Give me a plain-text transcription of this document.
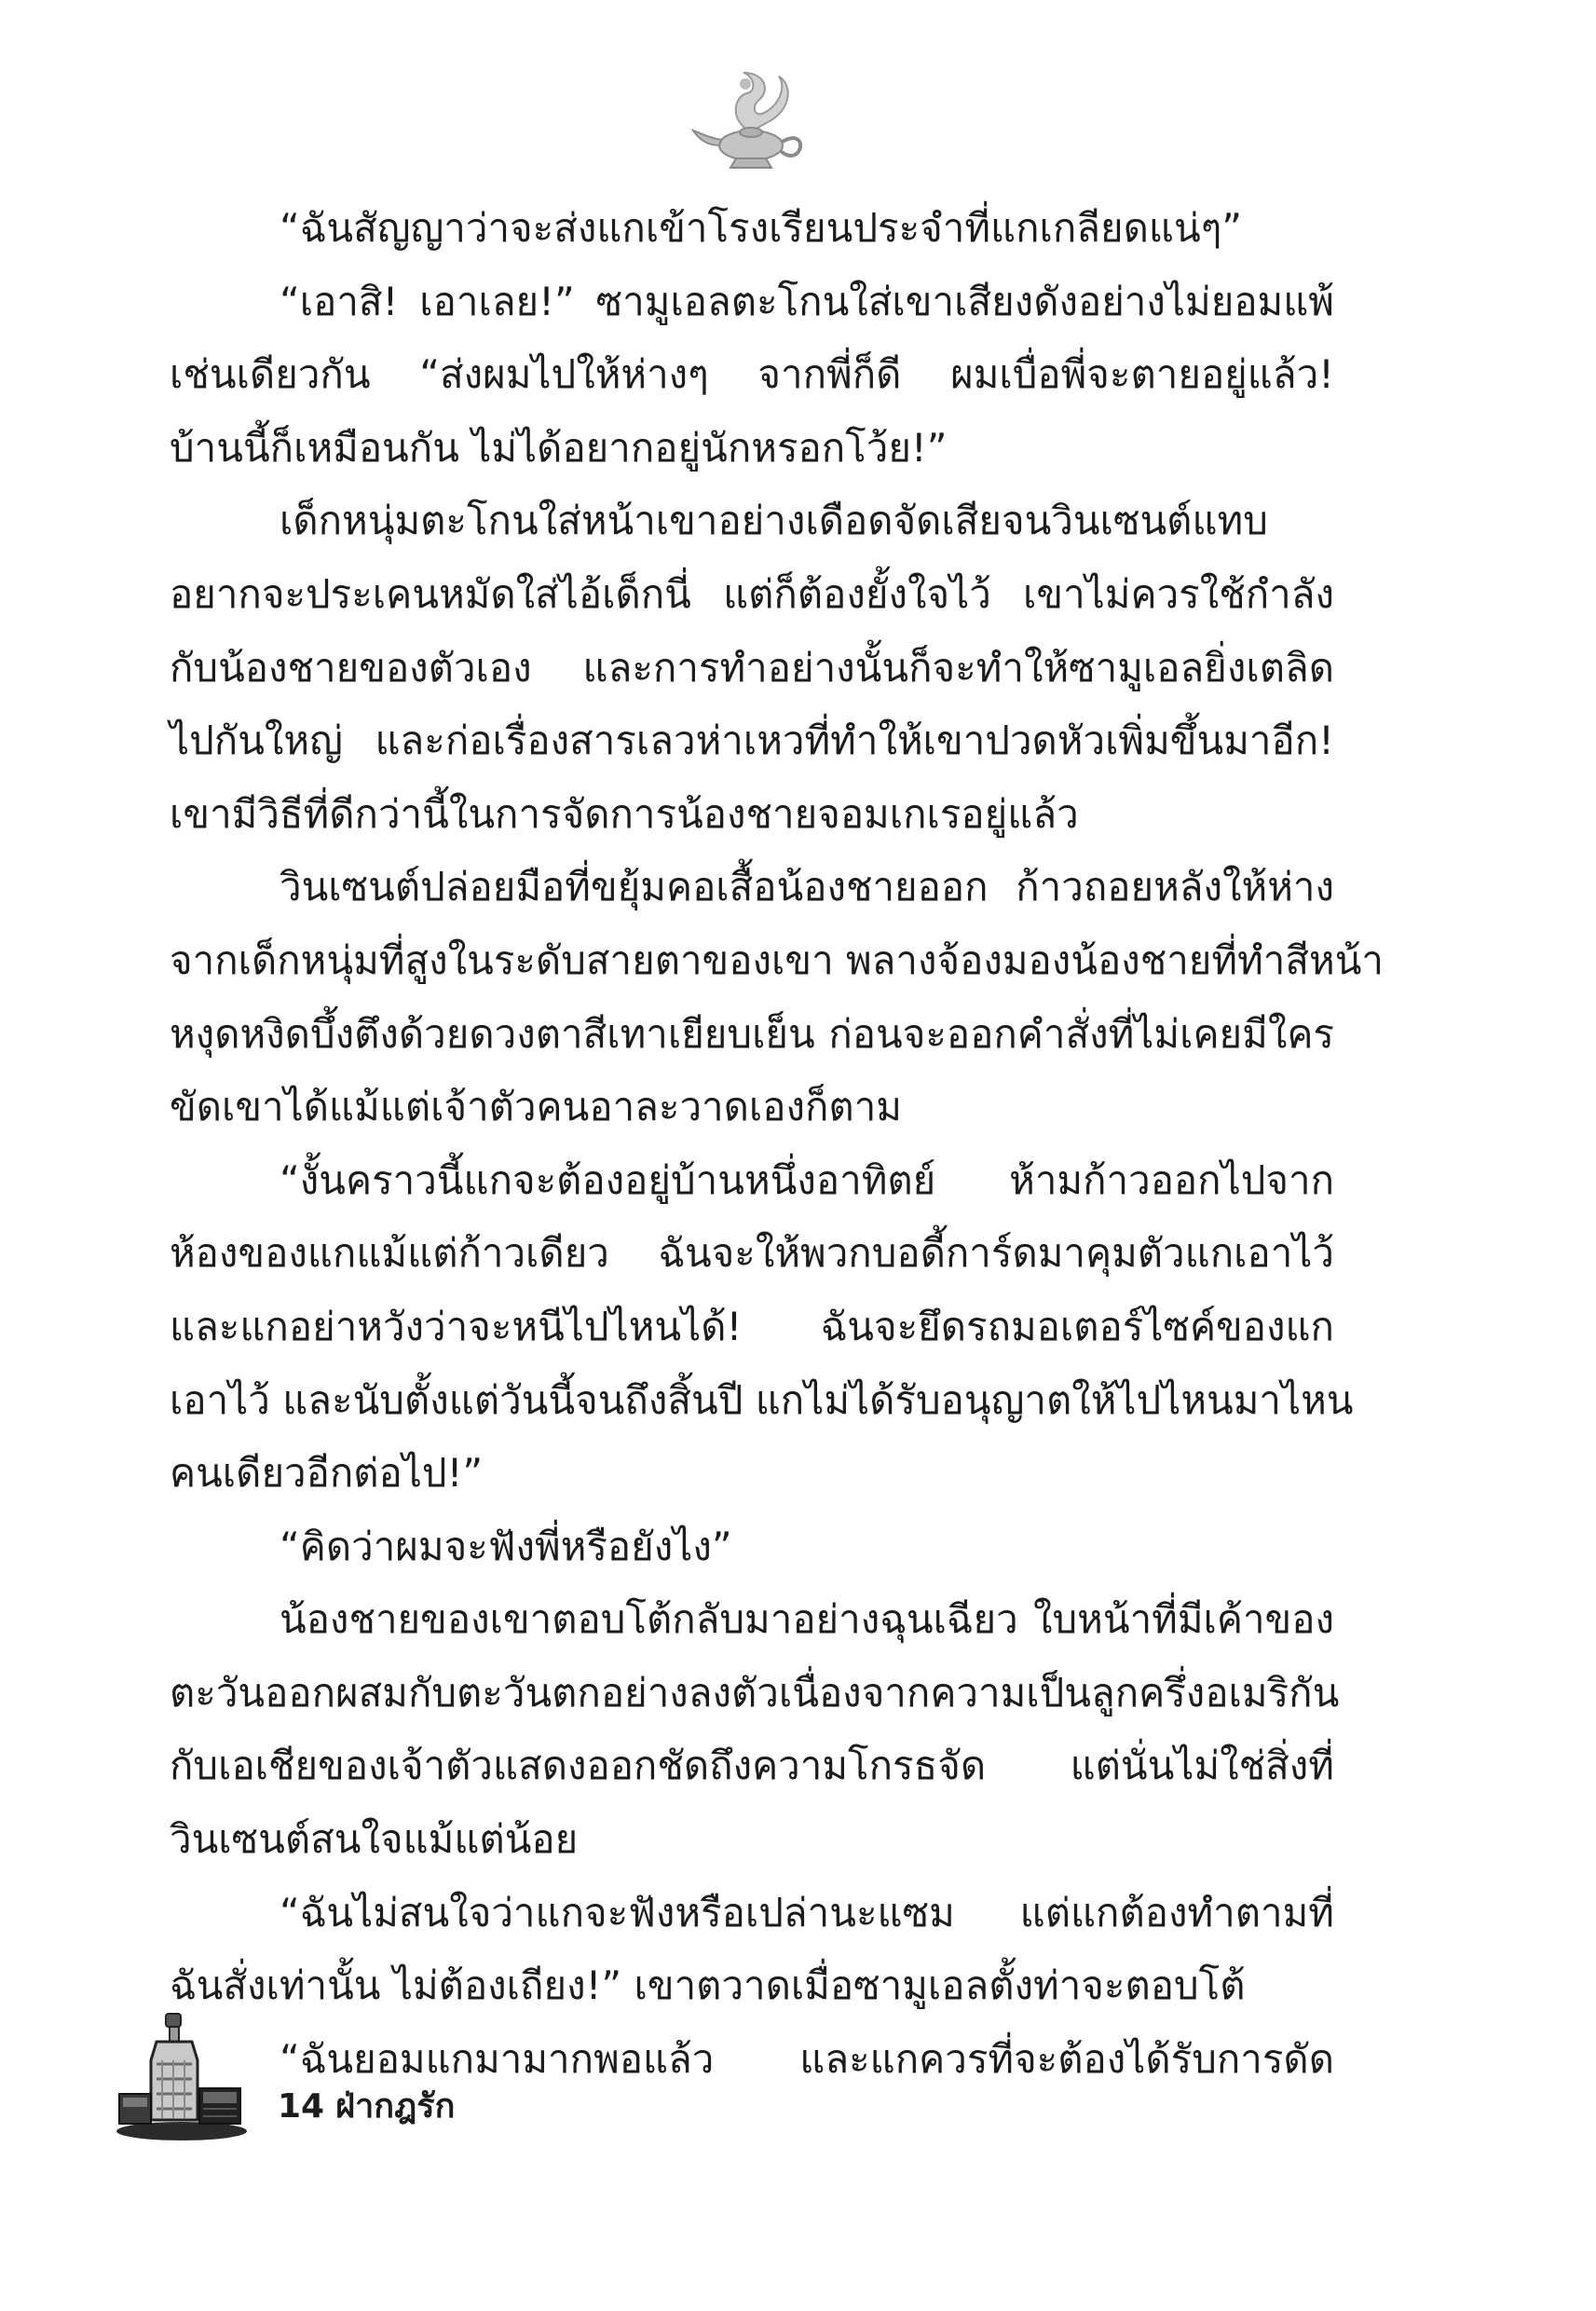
“ฉันสัญญาว่าจะส่งแกเข้าโรงเรียนประจำที่แกเกลียดแน่ๆ”
“เอาสิ! เอาเลย!” ซามูเอลตะโกนใส่เขาเสียงดังอย่างไม่ยอมแพ้
เช่นเดียวกัน “ส่งผมไปให้ห่างๆ จากพี่ก็ดี ผมเบื่อพี่จะตายอยู่แล้ว!
บ้านนี้ก็เหมือนกัน ไม่ได้อยากอยู่นักหรอกโว้ย!”
เด็กหนุ่มตะโกนใส่หน้าเขาอย่างเดือดจัดเสียจนวินเซนต์แทบ
อยากจะประเคนหมัดใส่ไอ้เด็กนี่ แต่ก็ต้องยั้งใจไว้ เขาไม่ควรใช้กำลัง
กับน้องชายของตัวเอง และการทำอย่างนั้นก็จะทำให้ซามูเอลยิ่งเตลิด
ไปกันใหญ่ และก่อเรื่องสารเลวห่าเหวที่ทำให้เขาปวดหัวเพิ่มขึ้นมาอีก!
เขามีวิธีที่ดีกว่านี้ในการจัดการน้องชายจอมเกเรอยู่แล้ว
วินเซนต์ปล่อยมือที่ขยุ้มคอเสื้อน้องชายออก ก้าวถอยหลังให้ห่าง
จากเด็กหนุ่มที่สูงในระดับสายตาของเขา พลางจ้องมองน้องชายที่ทำสีหน้า
หงุดหงิดบึ้งตึงด้วยดวงตาสีเทาเยียบเย็น ก่อนจะออกคำสั่งที่ไม่เคยมีใคร
ขัดเขาได้แม้แต่เจ้าตัวคนอาละวาดเองก็ตาม
“งั้นคราวนี้แกจะต้องอยู่บ้านหนึ่งอาทิตย์ ห้ามก้าวออกไปจาก
ห้องของแกแม้แต่ก้าวเดียว ฉันจะให้พวกบอดี้การ์ดมาคุมตัวแกเอาไว้
และแกอย่าหวังว่าจะหนีไปไหนได้! ฉันจะยึดรถมอเตอร์ไซค์ของแก
เอาไว้ และนับตั้งแต่วันนี้จนถึงสิ้นปี แกไม่ได้รับอนุญาตให้ไปไหนมาไหน
คนเดียวอีกต่อไป!”
“คิดว่าผมจะฟังพี่หรือยังไง”
น้องชายของเขาตอบโต้กลับมาอย่างฉุนเฉียว ใบหน้าที่มีเค้าของ
ตะวันออกผสมกับตะวันตกอย่างลงตัวเนื่องจากความเป็นลูกครึ่งอเมริกัน
กับเอเชียของเจ้าตัวแสดงออกชัดถึงความโกรธจัด แต่นั่นไม่ใช่สิ่งที่
วินเซนต์สนใจแม้แต่น้อย
“ฉันไม่สนใจว่าแกจะฟังหรือเปล่านะแซม แต่แกต้องทำตามที่
ฉันสั่งเท่านั้น ไม่ต้องเถียง!” เขาตวาดเมื่อซามูเอลตั้งท่าจะตอบโต้
“ฉันยอมแกมามากพอแล้ว และแกควรที่จะต้องได้รับการดัด
14 ฝ่ากฎรัก
